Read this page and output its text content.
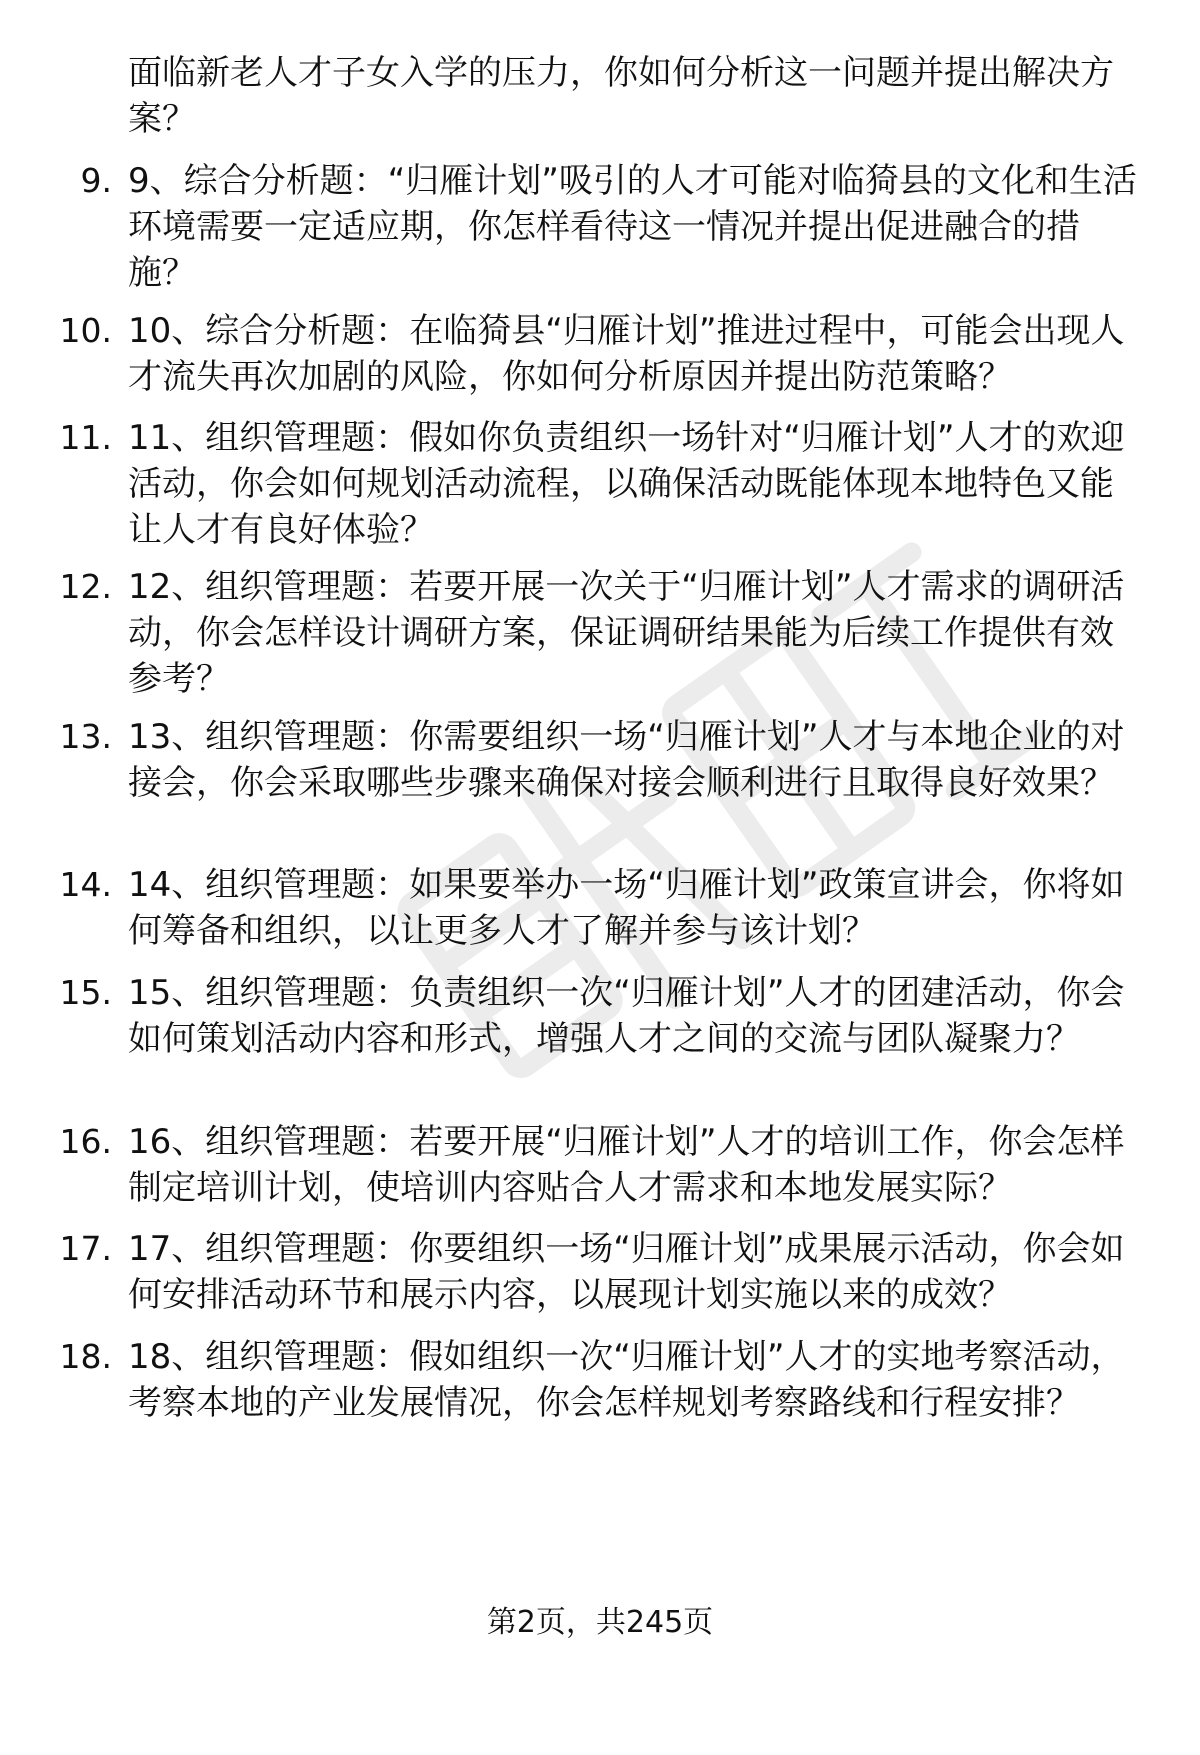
面临新老人才子女入学的压力，你如何分析这一问题并提出解决方案？

9. 9、综合分析题：“归雁计划”吸引的人才可能对临猗县的文化和生活环境需要一定适应期，你怎样看待这一情况并提出促进融合的措施？
10. 10、综合分析题：在临猗县“归雁计划”推进过程中，可能会出现人才流失再次加剧的风险，你如何分析原因并提出防范策略？
11. 11、组织管理题：假如你负责组织一场针对“归雁计划”人才的欢迎活动，你会如何规划活动流程，以确保活动既能体现本地特色又能让人才有良好体验？
12. 12、组织管理题：若要开展一次关于“归雁计划”人才需求的调研活动，你会怎样设计调研方案，保证调研结果能为后续工作提供有效参考？
13. 13、组织管理题：你需要组织一场“归雁计划”人才与本地企业的对接会，你会采取哪些步骤来确保对接会顺利进行且取得良好效果？
14. 14、组织管理题：如果要举办一场“归雁计划”政策宣讲会，你将如何筹备和组织，以让更多人才了解并参与该计划？
15. 15、组织管理题：负责组织一次“归雁计划”人才的团建活动，你会如何策划活动内容和形式，增强人才之间的交流与团队凝聚力？
16. 16、组织管理题：若要开展“归雁计划”人才的培训工作，你会怎样制定培训计划，使培训内容贴合人才需求和本地发展实际？
17. 17、组织管理题：你要组织一场“归雁计划”成果展示活动，你会如何安排活动环节和展示内容，以展现计划实施以来的成效？
18. 18、组织管理题：假如组织一次“归雁计划”人才的实地考察活动，考察本地的产业发展情况，你会怎样规划考察路线和行程安排？
第2页，共245页
